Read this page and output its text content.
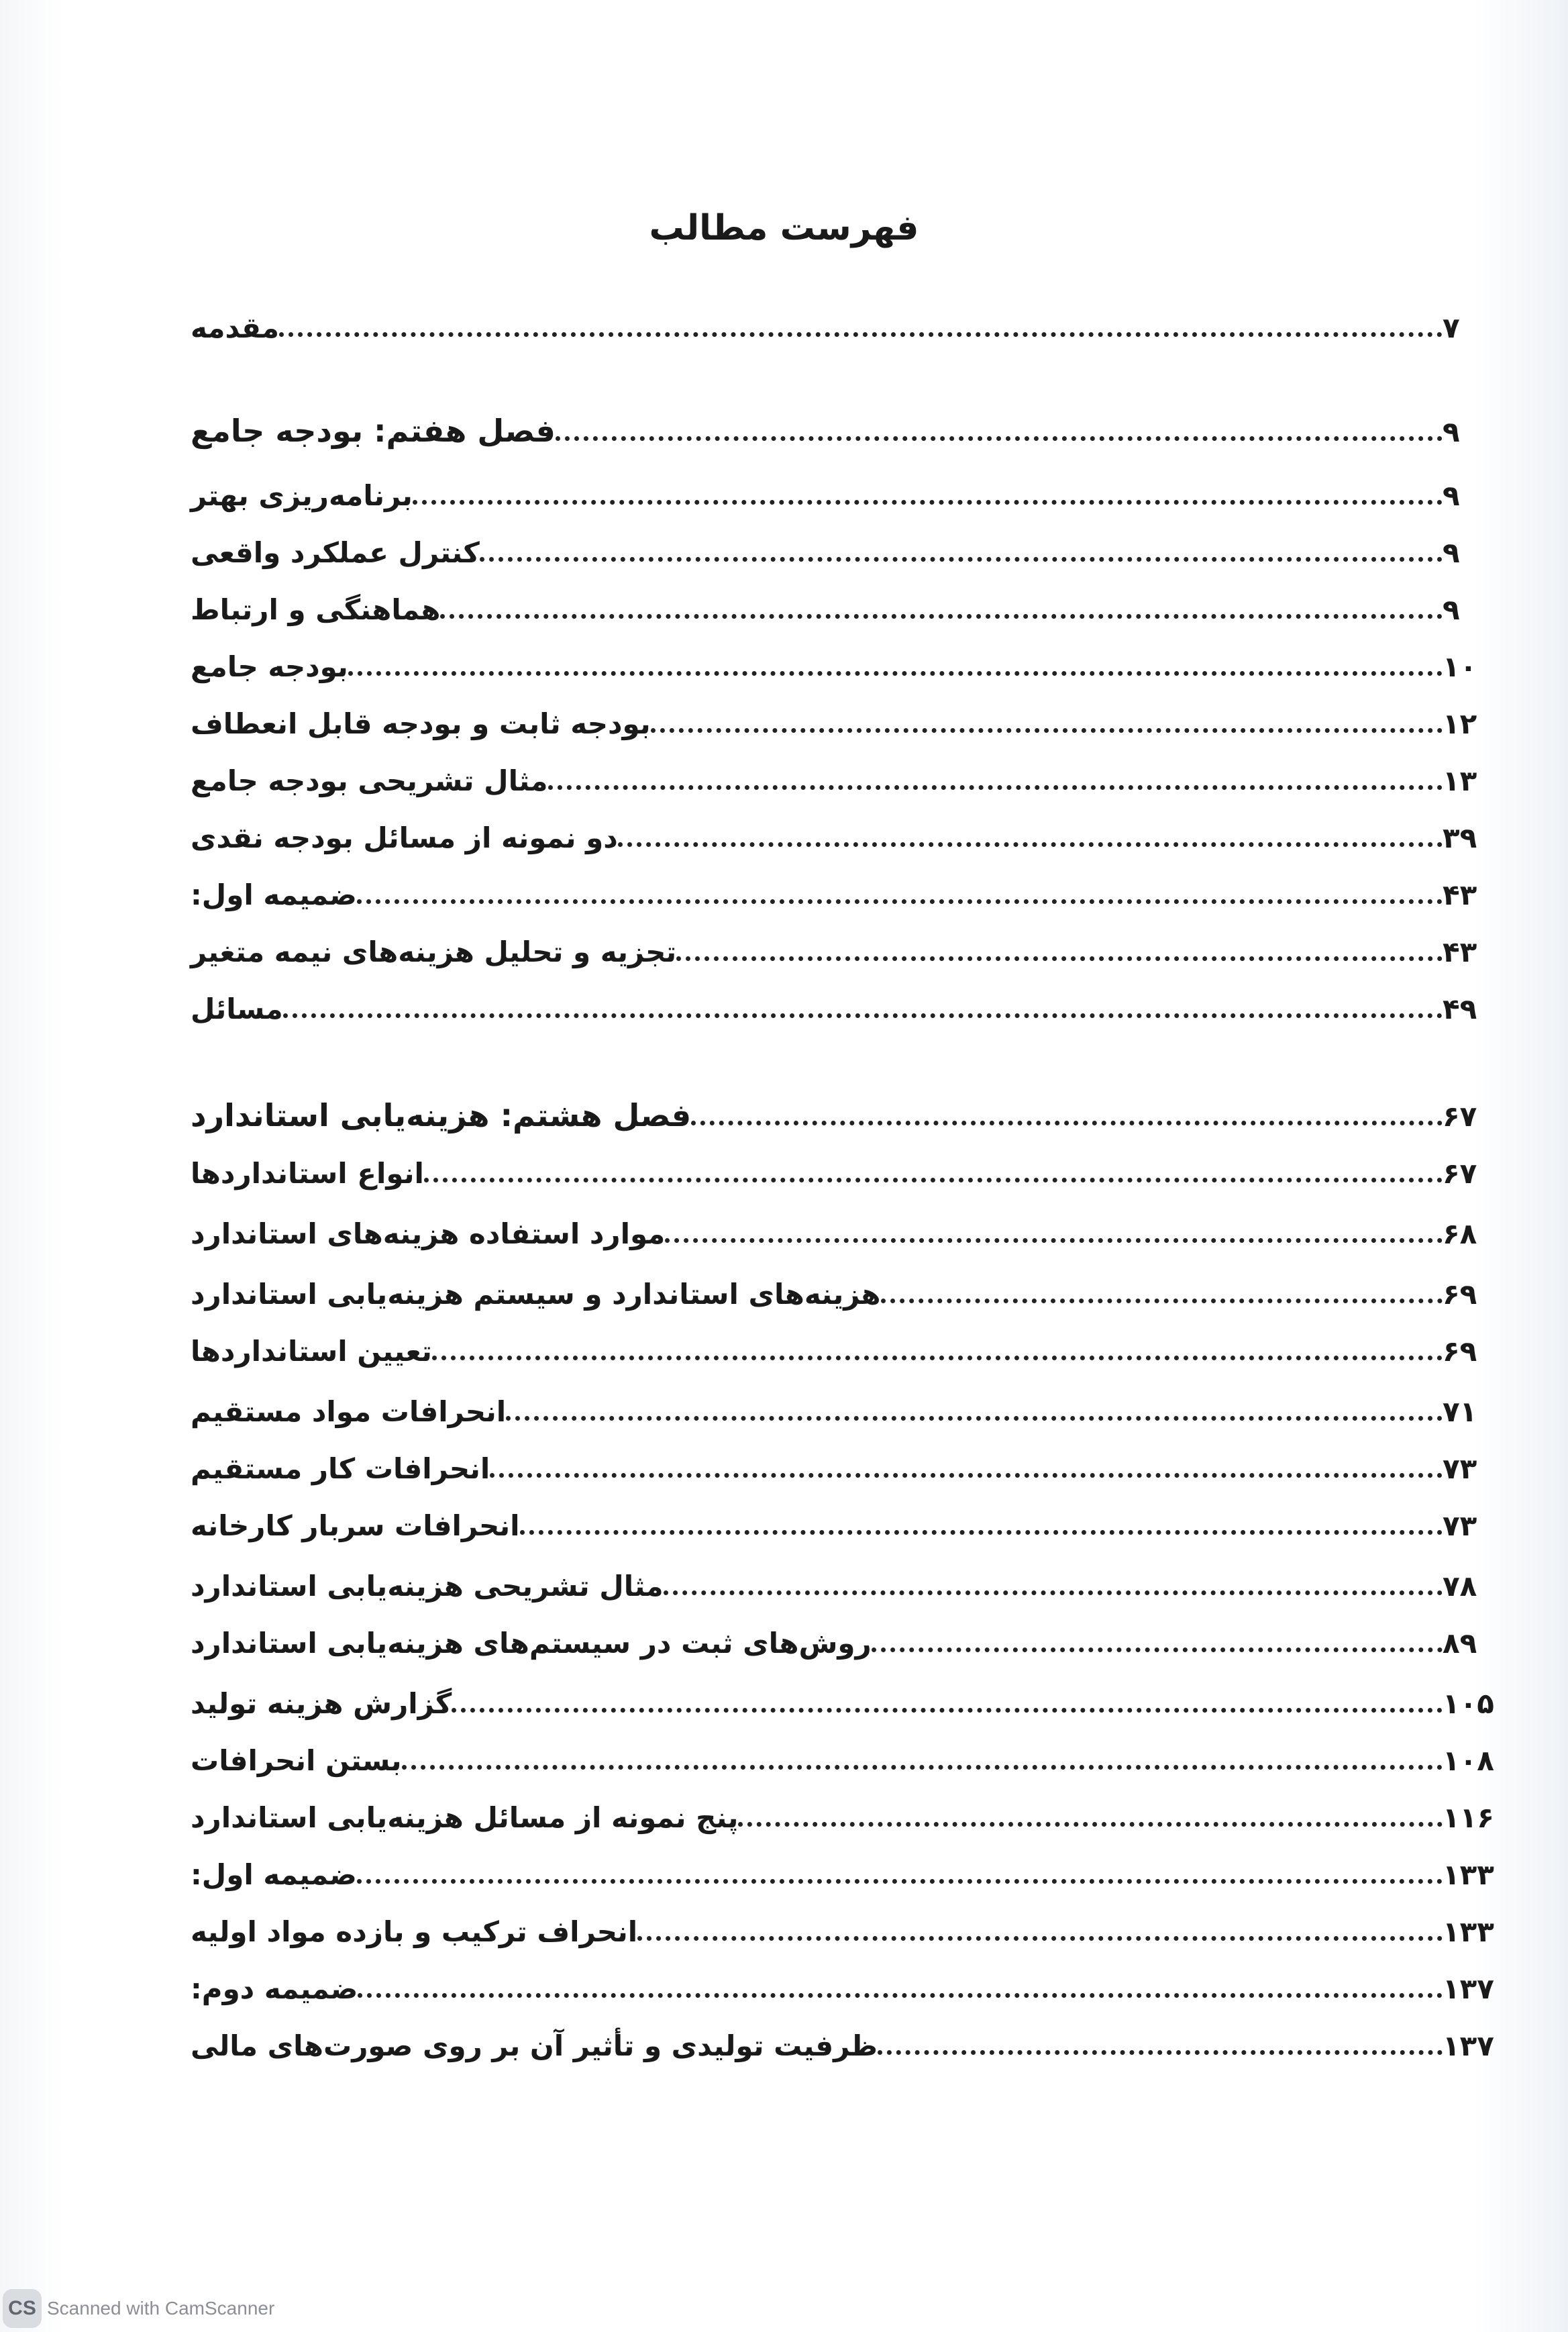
فهرست مطالب
مقدمه	۷
فصل هفتم: بودجه جامع	۹
برنامه‌ریزی بهتر	۹
کنترل عملکرد واقعی	۹
هماهنگی و ارتباط	۹
بودجه جامع	۱۰
بودجه ثابت و بودجه قابل انعطاف	۱۲
مثال تشریحی بودجه جامع	۱۳
دو نمونه از مسائل بودجه نقدی	۳۹
ضمیمه اول:	۴۳
تجزیه و تحلیل هزینه‌های نیمه متغیر	۴۳
مسائل	۴۹
فصل هشتم: هزینه‌یابی استاندارد	۶۷
انواع استانداردها	۶۷
موارد استفاده هزینه‌های استاندارد	۶۸
هزینه‌های استاندارد و سیستم هزینه‌یابی استاندارد	۶۹
تعیین استانداردها	۶۹
انحرافات مواد مستقیم	۷۱
انحرافات کار مستقیم	۷۳
انحرافات سربار کارخانه	۷۳
مثال تشریحی هزینه‌یابی استاندارد	۷۸
روش‌های ثبت در سیستم‌های هزینه‌یابی استاندارد	۸۹
گزارش هزینه تولید	۱۰۵
بستن انحرافات	۱۰۸
پنج نمونه از مسائل هزینه‌یابی استاندارد	۱۱۶
ضمیمه اول:	۱۳۳
انحراف ترکیب و بازده مواد اولیه	۱۳۳
ضمیمه دوم:	۱۳۷
ظرفیت تولیدی و تأثیر آن بر روی صورت‌های مالی	۱۳۷
CS Scanned with CamScanner
